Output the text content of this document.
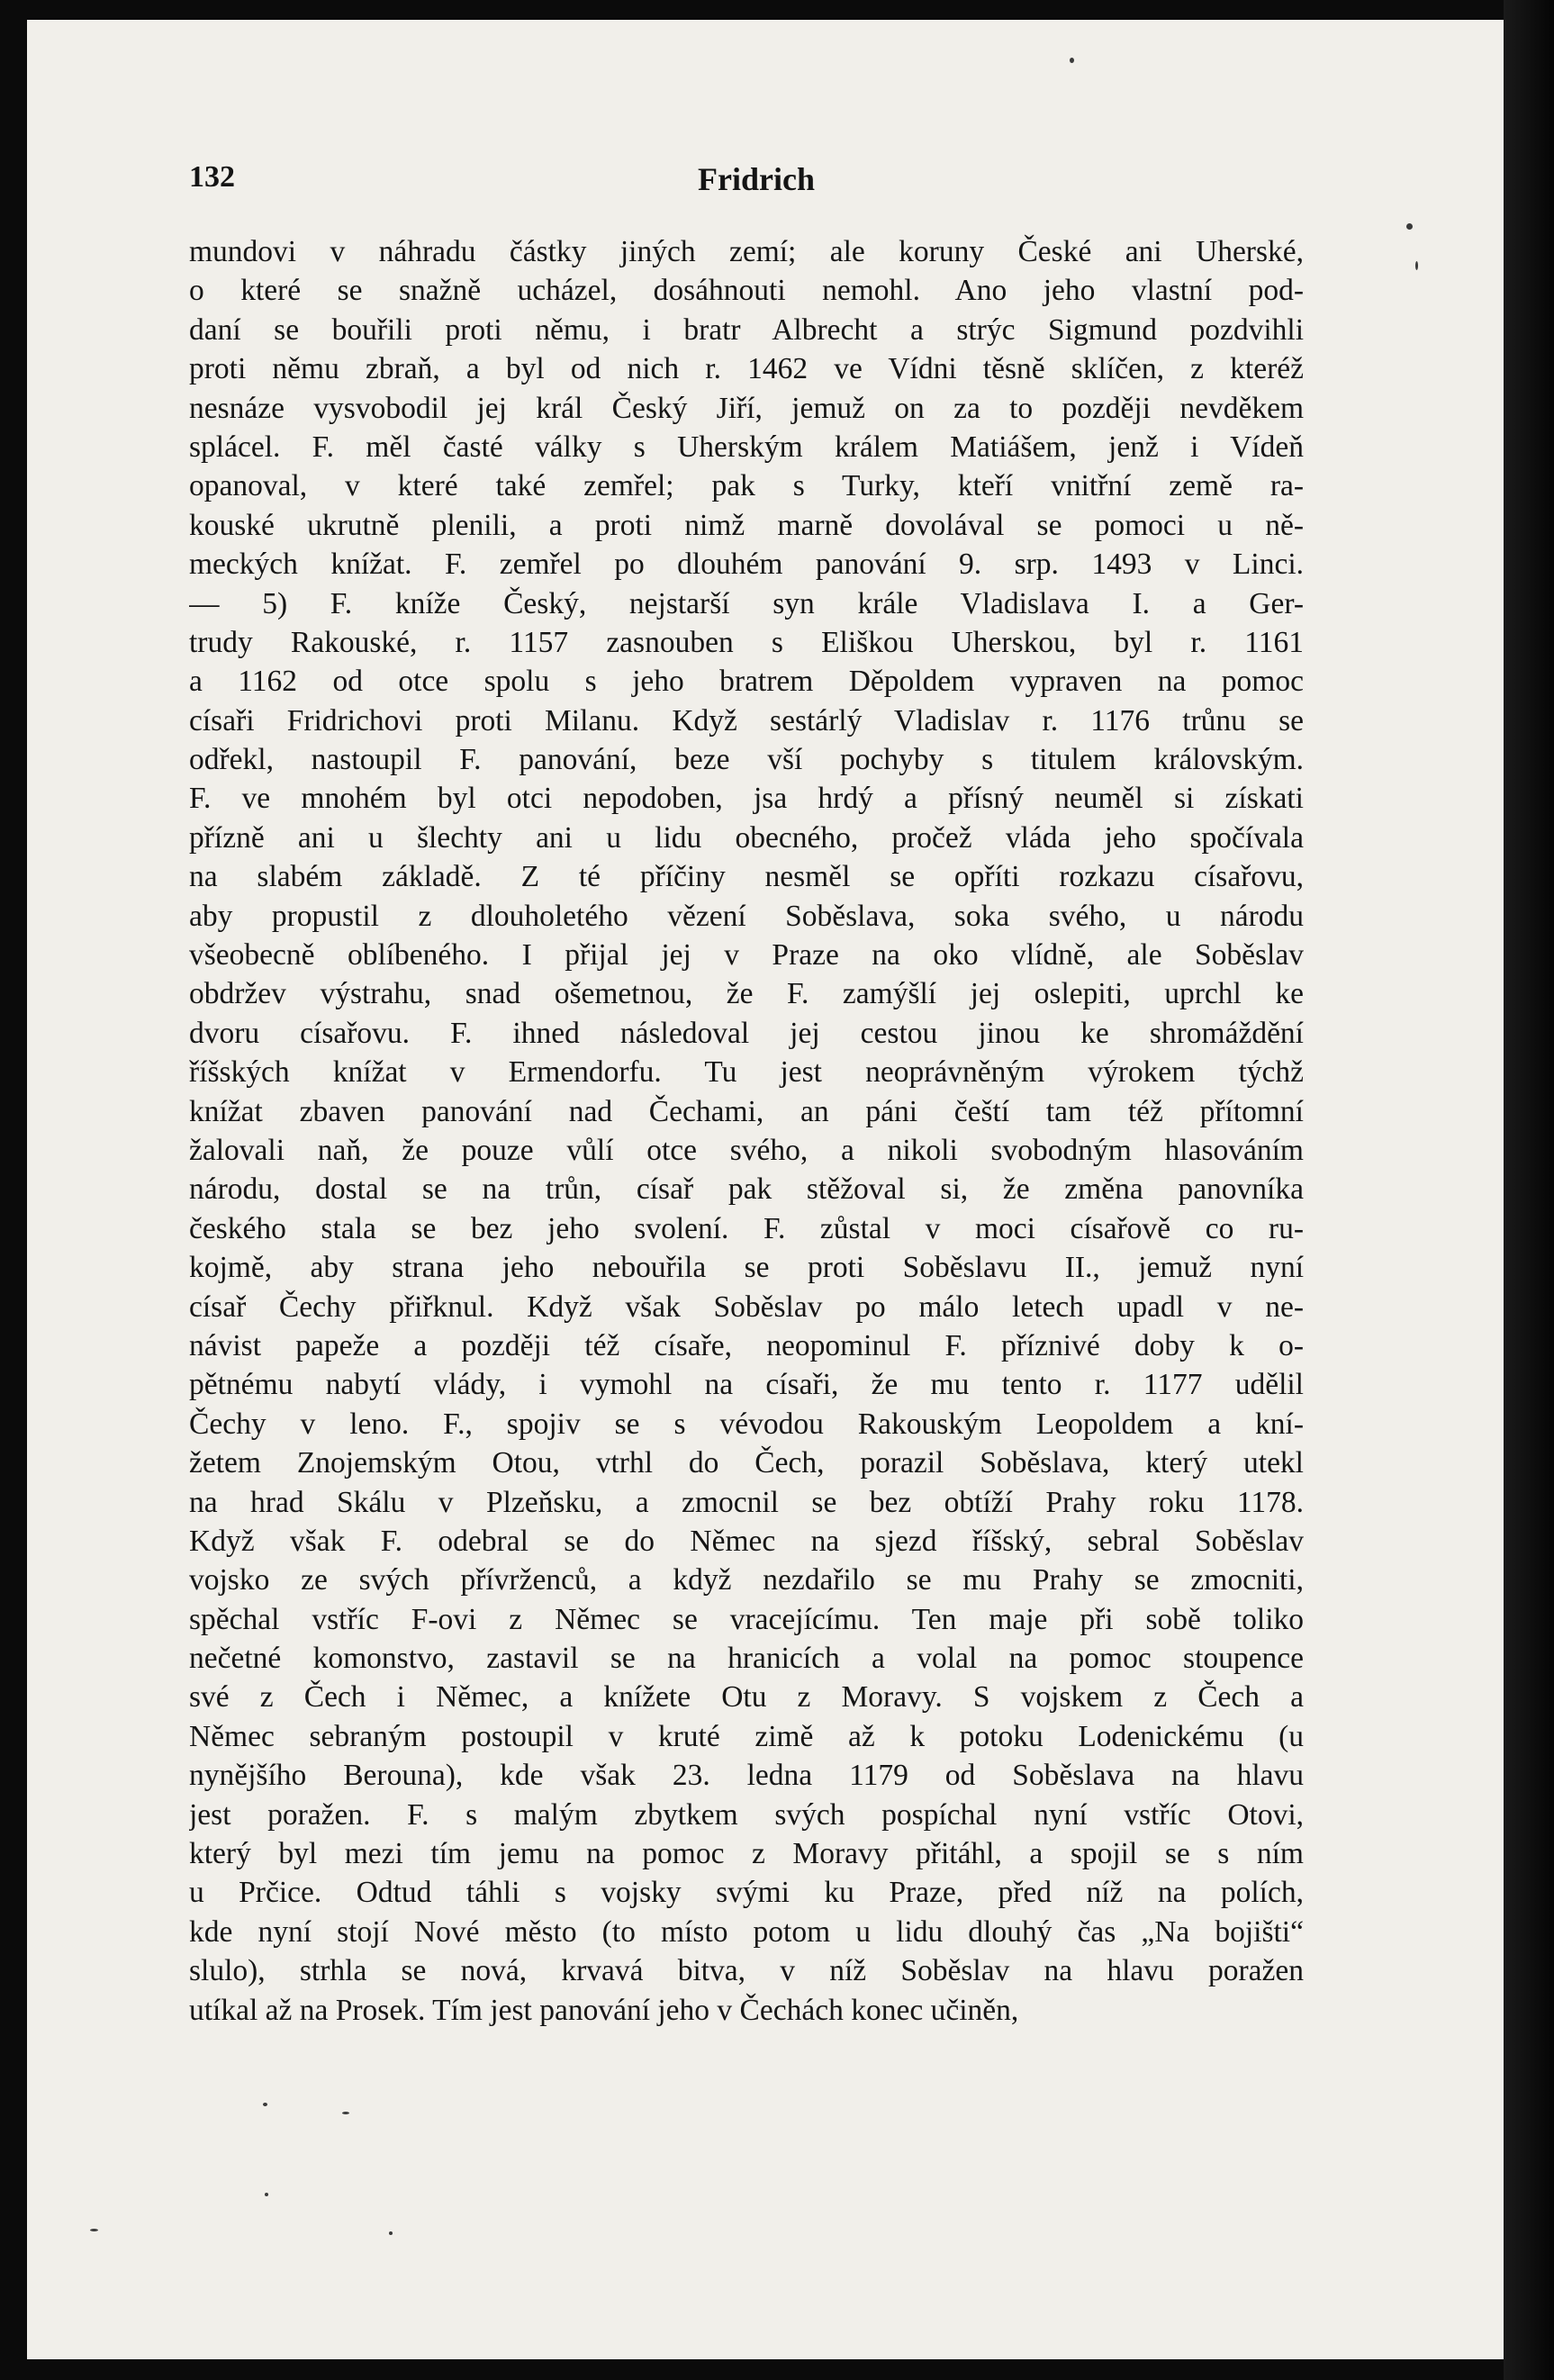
132	Fridrich
mundovi v náhradu částky jiných zemí; ale koruny České ani Uherské,
o které se snažně ucházel, dosáhnouti nemohl. Ano jeho vlastní pod-
daní se bouřili proti němu, i bratr Albrecht a strýc Sigmund pozdvihli
proti němu zbraň, a byl od nich r. 1462 ve Vídni těsně sklíčen, z kteréž
nesnáze vysvobodil jej král Český Jiří, jemuž on za to později nevděkem
splácel. F. měl časté války s Uherským králem Matiášem, jenž i Vídeň
opanoval, v které také zemřel; pak s Turky, kteří vnitřní země ra-
kouské ukrutně plenili, a proti nimž marně dovolával se pomoci u ně-
meckých knížat. F. zemřel po dlouhém panování 9. srp. 1493 v Linci.
— 5) F. kníže Český, nejstarší syn krále Vladislava I. a Ger-
trudy Rakouské, r. 1157 zasnouben s Eliškou Uherskou, byl r. 1161
a 1162 od otce spolu s jeho bratrem Děpoldem vypraven na pomoc
císaři Fridrichovi proti Milanu. Když sestárlý Vladislav r. 1176 trůnu se
odřekl, nastoupil F. panování, beze vší pochyby s titulem královským.
F. ve mnohém byl otci nepodoben, jsa hrdý a přísný neuměl si získati
přízně ani u šlechty ani u lidu obecného, pročež vláda jeho spočívala
na slabém základě. Z té příčiny nesměl se opříti rozkazu císařovu,
aby propustil z dlouholetého vězení Soběslava, soka svého, u národu
všeobecně oblíbeného. I přijal jej v Praze na oko vlídně, ale Soběslav
obdržev výstrahu, snad ošemetnou, že F. zamýšlí jej oslepiti, uprchl ke
dvoru císařovu. F. ihned následoval jej cestou jinou ke shromáždění
říšských knížat v Ermendorfu. Tu jest neoprávněným výrokem týchž
knížat zbaven panování nad Čechami, an páni čeští tam též přítomní
žalovali naň, že pouze vůlí otce svého, a nikoli svobodným hlasováním
národu, dostal se na trůn, císař pak stěžoval si, že změna panovníka
českého stala se bez jeho svolení. F. zůstal v moci císařově co ru-
kojmě, aby strana jeho nebouřila se proti Soběslavu II., jemuž nyní
císař Čechy přiřknul. Když však Soběslav po málo letech upadl v ne-
návist papeže a později též císaře, neopominul F. příznivé doby k o-
pětnému nabytí vlády, i vymohl na císaři, že mu tento r. 1177 udělil
Čechy v leno. F., spojiv se s vévodou Rakouským Leopoldem a kní-
žetem Znojemským Otou, vtrhl do Čech, porazil Soběslava, který utekl
na hrad Skálu v Plzeňsku, a zmocnil se bez obtíží Prahy roku 1178.
Když však F. odebral se do Němec na sjezd říšský, sebral Soběslav
vojsko ze svých přívrženců, a když nezdařilo se mu Prahy se zmocniti,
spěchal vstříc F-ovi z Němec se vracejícímu. Ten maje při sobě toliko
nečetné komonstvo, zastavil se na hranicích a volal na pomoc stoupence
své z Čech i Němec, a knížete Otu z Moravy. S vojskem z Čech a
Němec sebraným postoupil v kruté zimě až k potoku Lodenickému (u
nynějšího Berouna), kde však 23. ledna 1179 od Soběslava na hlavu
jest poražen. F. s malým zbytkem svých pospíchal nyní vstříc Otovi,
který byl mezi tím jemu na pomoc z Moravy přitáhl, a spojil se s ním
u Prčice. Odtud táhli s vojsky svými ku Praze, před níž na polích,
kde nyní stojí Nové město (to místo potom u lidu dlouhý čas „Na bojišti“
slulo), strhla se nová, krvavá bitva, v níž Soběslav na hlavu poražen
utíkal až na Prosek. Tím jest panování jeho v Čechách konec učiněn,
